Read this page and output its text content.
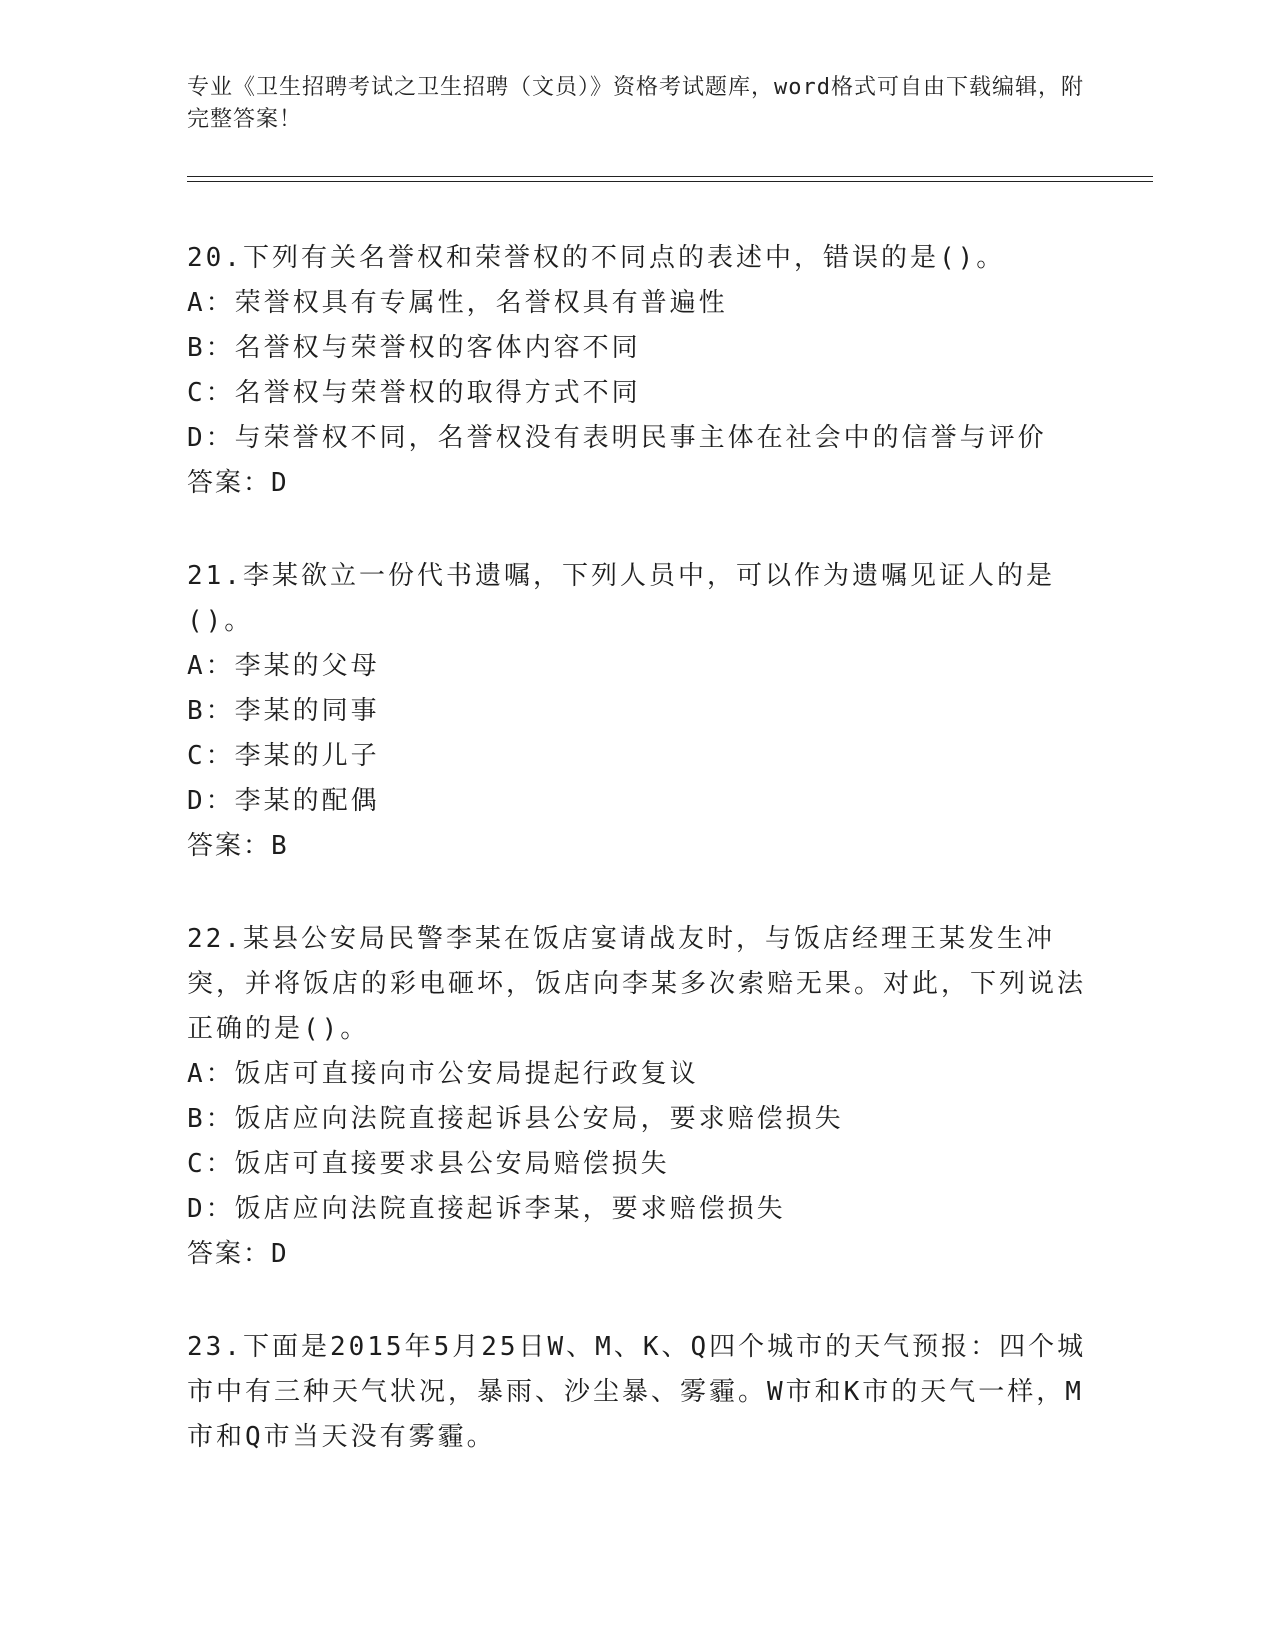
专业《卫生招聘考试之卫生招聘（文员）》资格考试题库，word格式可自由下载编辑，附完整答案！

20.下列有关名誉权和荣誉权的不同点的表述中，错误的是()。

A：荣誉权具有专属性，名誉权具有普遍性

B：名誉权与荣誉权的客体内容不同

C：名誉权与荣誉权的取得方式不同

D：与荣誉权不同，名誉权没有表明民事主体在社会中的信誉与评价

答案：D

21.李某欲立一份代书遗嘱，下列人员中，可以作为遗嘱见证人的是()。

A：李某的父母

B：李某的同事

C：李某的儿子

D：李某的配偶

答案：B

22.某县公安局民警李某在饭店宴请战友时，与饭店经理王某发生冲突，并将饭店的彩电砸坏，饭店向李某多次索赔无果。对此，下列说法正确的是()。

A：饭店可直接向市公安局提起行政复议

B：饭店应向法院直接起诉县公安局，要求赔偿损失

C：饭店可直接要求县公安局赔偿损失

D：饭店应向法院直接起诉李某，要求赔偿损失

答案：D

23.下面是2015年5月25日W、M、K、Q四个城市的天气预报：四个城市中有三种天气状况，暴雨、沙尘暴、雾霾。W市和K市的天气一样，M市和Q市当天没有雾霾。
